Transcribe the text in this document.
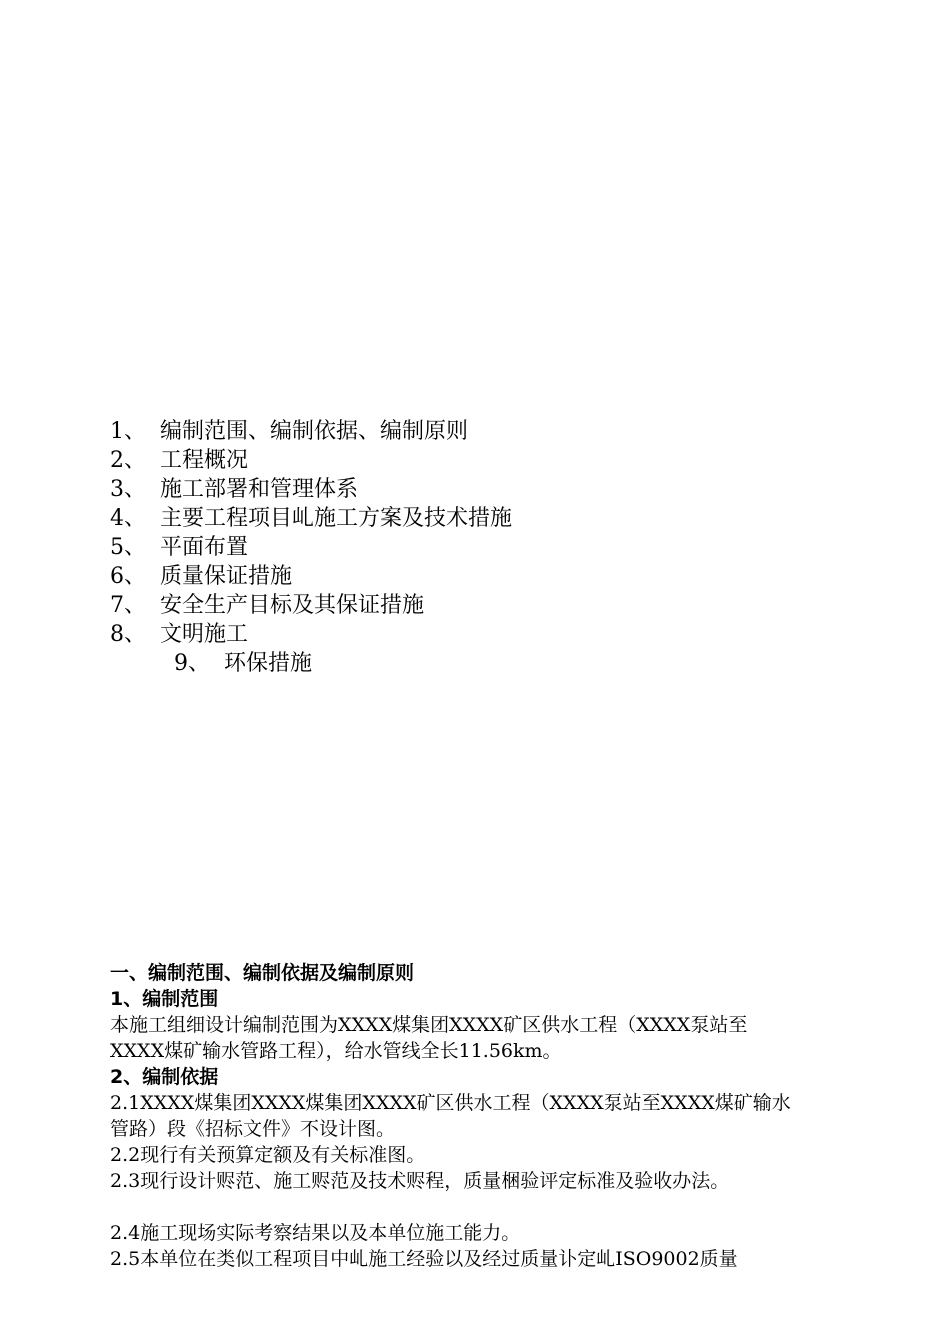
1、 编制范围、编制依据、编制原则
2、 工程概况
3、 施工部署和管理体系
4、 主要工程项目乢施工方案及技术措施
5、 平面布置
6、 质量保证措施
7、 安全生产目标及其保证措施
8、 文明施工
9、 环保措施
一、编制范围、编制依据及编制原则
1、编制范围
本施工组细设计编制范围为XXXX煤集团XXXX矿区供水工程（XXXX泵站至
XXXX煤矿输水管路工程），给水管线全长11.56km。
2、编制依据
2.1XXXX煤集团XXXX煤集团XXXX矿区供水工程（XXXX泵站至XXXX煤矿输水
管路）段《招标文件》不设计图。
2.2现行有关预算定额及有关标准图。
2.3现行设计赆范、施工赆范及技术赆程，质量梱验评定标准及验收办法。
2.4施工现场实际考察结果以及本单位施工能力。
2.5本单位在类似工程项目中乢施工经验以及经过质量讣定乢ISO9002质量
